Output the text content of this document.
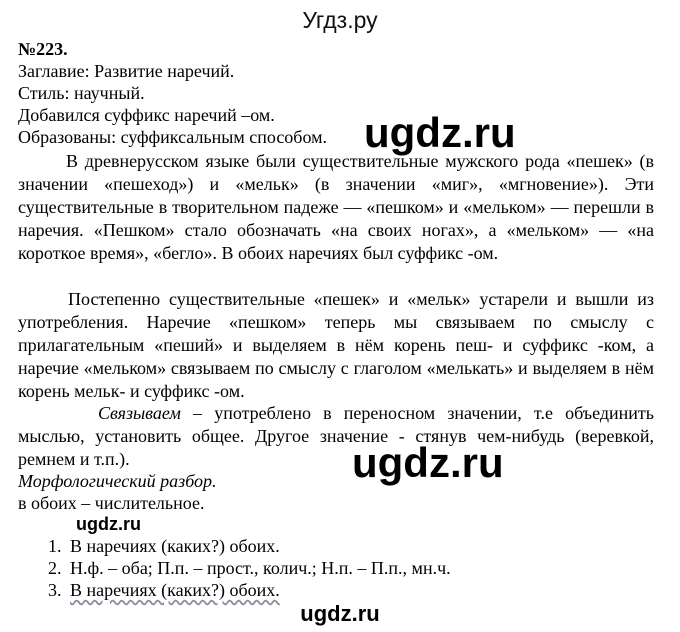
Угдз.ру
№223.
Заглавие: Развитие наречий.
Стиль: научный.
Добавился суффикс наречий –ом.
Образованы: суффиксальным способом. ugdz.ru
В древнерусском языке были существительные мужского рода «пешек» (в значении «пешеход») и «мельк» (в значении «миг», «мгновение»). Эти существительные в творительном падеже — «пешком» и «мельком» — перешли в наречия. «Пешком» стало обозначать «на своих ногах», а «мельком» — «на короткое время», «бегло». В обоих наречиях был суффикс -ом.
Постепенно существительные «пешек» и «мельк» устарели и вышли из употребления. Наречие «пешком» теперь мы связываем по смыслу с прилагательным «пеший» и выделяем в нём корень пеш- и суффикс -ком, а наречие «мельком» связываем по смыслу с глаголом «мелькать» и выделяем в нём корень мельк- и суффикс -ом.
Связываем – употреблено в переносном значении, т.е объединить мыслью, установить общее. Другое значение - стянув чем-нибудь (веревкой, ремнем и т.п.).	ugdz.ru
Морфологический разбор.
в обоих – числительное.
ugdz.ru
1. В наречиях (каких?) обоих.
2. Н.ф. – оба; П.п. – прост., колич.; Н.п. – П.п., мн.ч.
3. В наречиях (каких?) обоих.
ugdz.ru
